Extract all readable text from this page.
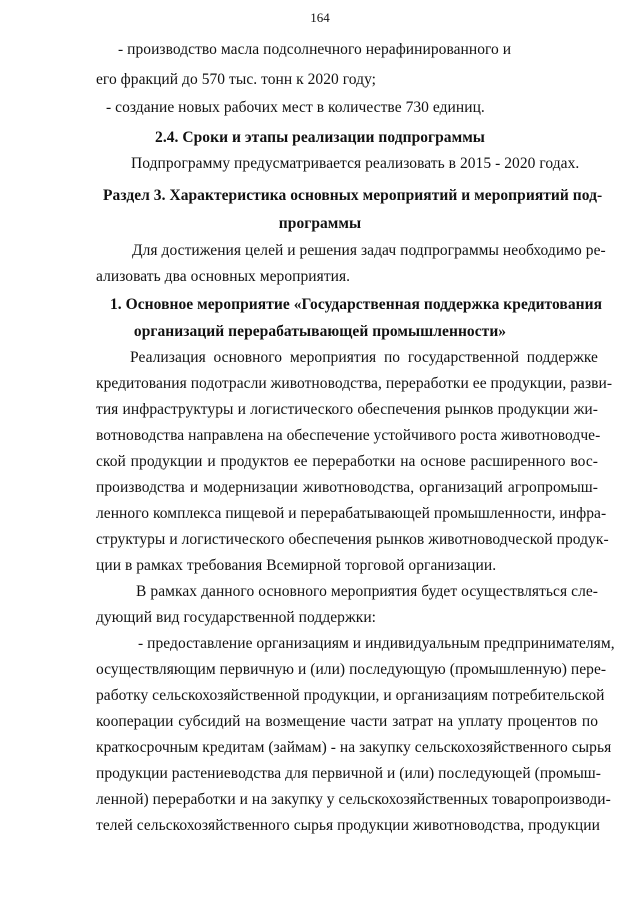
164
- производство масла подсолнечного нерафинированного и
его фракций до 570 тыс. тонн к 2020 году;
- создание новых рабочих мест в количестве 730 единиц.
2.4. Сроки и этапы реализации подпрограммы
Подпрограмму предусматривается реализовать в 2015 - 2020 годах.
Раздел 3. Характеристика основных мероприятий и мероприятий под-
программы
Для достижения целей и решения задач подпрограммы необходимо ре-
ализовать два основных мероприятия.
1. Основное мероприятие «Государственная поддержка кредитования
организаций перерабатывающей промышленности»
Реализация основного мероприятия по государственной поддержке
кредитования подотрасли животноводства, переработки ее продукции, разви-
тия инфраструктуры и логистического обеспечения рынков продукции жи-
вотноводства направлена на обеспечение устойчивого роста животноводче-
ской продукции и продуктов ее переработки на основе расширенного вос-
производства и модернизации животноводства, организаций агропромыш-
ленного комплекса пищевой и перерабатывающей промышленности, инфра-
структуры и логистического обеспечения рынков животноводческой продук-
ции в рамках требования Всемирной торговой организации.
В рамках данного основного мероприятия будет осуществляться сле-
дующий вид государственной поддержки:
- предоставление организациям и индивидуальным предпринимателям,
осуществляющим первичную и (или) последующую (промышленную) пере-
работку сельскохозяйственной продукции, и организациям потребительской
кооперации субсидий на возмещение части затрат на уплату процентов по
краткосрочным кредитам (займам) - на закупку сельскохозяйственного сырья
продукции растениеводства для первичной и (или) последующей (промыш-
ленной) переработки и на закупку у сельскохозяйственных товаропроизводи-
телей сельскохозяйственного сырья продукции животноводства, продукции
